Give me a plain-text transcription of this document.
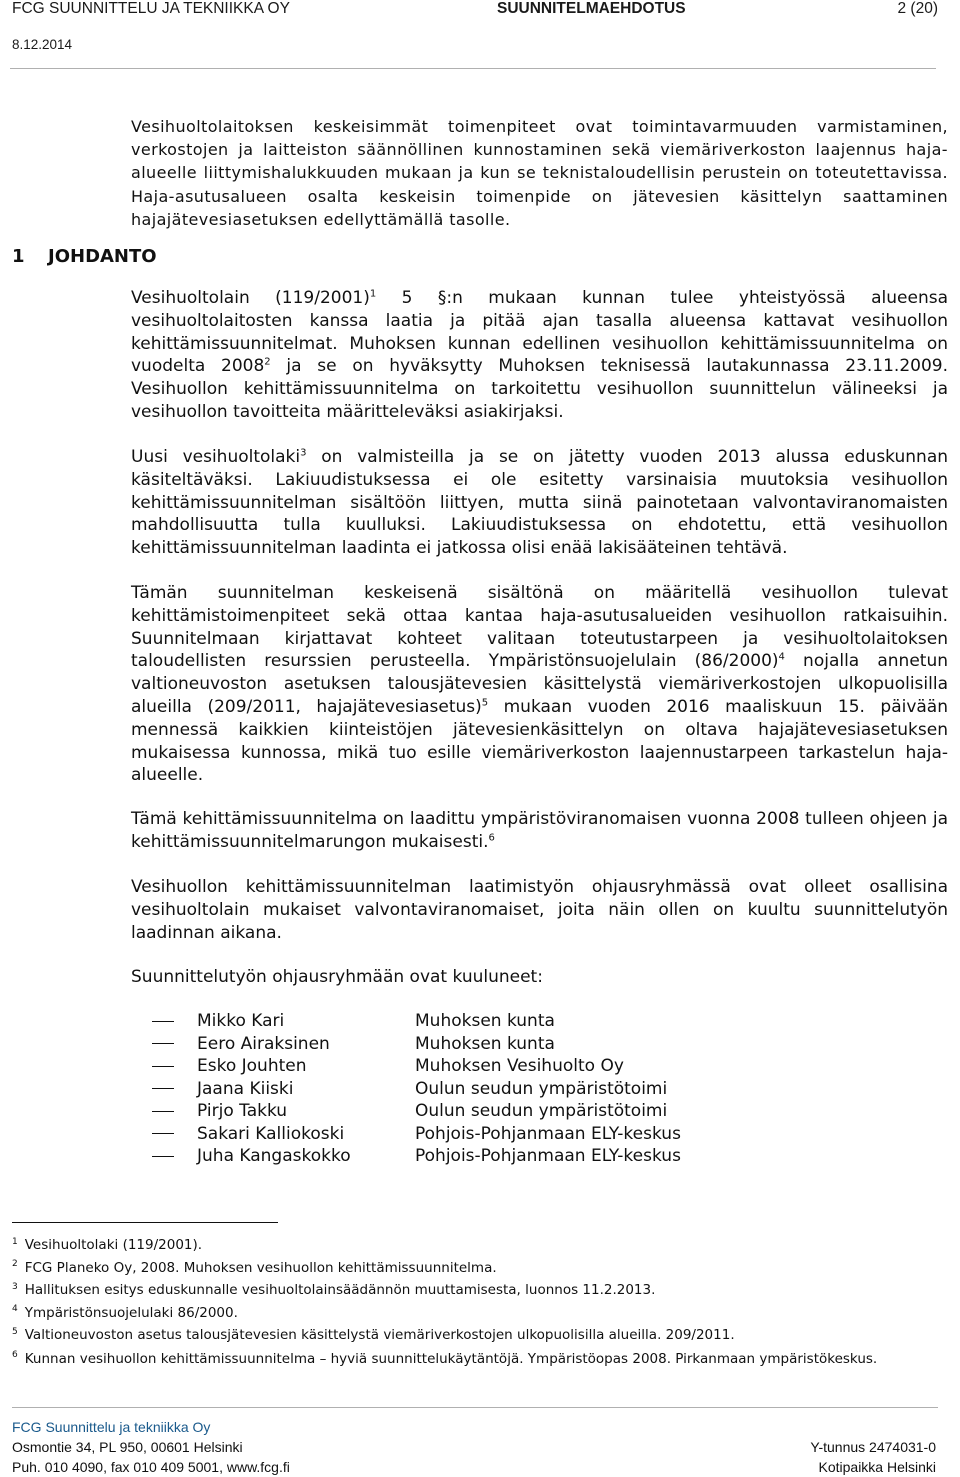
FCG SUUNNITTELU JA TEKNIIKKA OY	SUUNNITELMAEHDOTUS	2 (20)
8.12.2014
Vesihuoltolaitoksen keskeisimmät toimenpiteet ovat toimintavarmuuden varmistaminen, verkostojen ja laitteiston säännöllinen kunnostaminen sekä viemäriverkoston laajennus haja-alueelle liittymishalukkuuden mukaan ja kun se teknistaloudellisin perustein on toteutettavissa. Haja-asutusalueen osalta keskeisin toimenpide on jätevesien käsittelyn saattaminen hajajätevesiasetuksen edellyttämällä tasolle.
1 JOHDANTO
Vesihuoltolain $(119/2001)^1$ 5 §:n mukaan kunnan tulee yhteistyössä alueensa vesihuoltolaitosten kanssa laatia ja pitää ajan tasalla alueensa kattavat vesihuollon kehittämissuunnitelmat. Muhoksen kunnan edellinen vesihuollon kehittämissuunnitelma on vuodelta 2008$^2$ ja se on hyväksytty Muhoksen teknisessä lautakunnassa 23.11.2009. Vesihuollon kehittämissuunnitelma on tarkoitettu vesihuollon suunnittelun välineeksi ja vesihuollon tavoitteita määritteleväksi asiakirjaksi.
Uusi vesihuoltolaki$^3$ on valmisteilla ja se on jätetty vuoden 2013 alussa eduskunnan käsiteltäväksi. Lakiuudistuksessa ei ole esitetty varsinaisia muutoksia vesihuollon kehittämissuunnitelman sisältöön liittyen, mutta siinä painotetaan valvontaviranomaisten mahdollisuutta tulla kuulluksi. Lakiuudistuksessa on ehdotettu, että vesihuollon kehittämissuunnitelman laadinta ei jatkossa olisi enää lakisääteinen tehtävä.
Tämän suunnitelman keskeisenä sisältönä on määritellä vesihuollon tulevat kehittämistoimenpiteet sekä ottaa kantaa haja-asutusalueiden vesihuollon ratkaisuihin. Suunnitelmaan kirjattavat kohteet valitaan toteutustarpeen ja vesihuoltolaitoksen taloudellisten resurssien perusteella. Ympäristönsuojelulain $(86/2000)^4$ nojalla annetun valtioneuvoston asetuksen talousjätevesien käsittelystä viemäriverkostojen ulkopuolisilla alueilla (209/2011, hajajätevesiasetus)$^5$ mukaan vuoden 2016 maaliskuun 15. päivään mennessä kaikkien kiinteistöjen jätevesienkäsittelyn on oltava hajajätevesiasetuksen mukaisessa kunnossa, mikä tuo esille viemäriverkoston laajennustarpeen tarkastelun haja-alueelle.
Tämä kehittämissuunnitelma on laadittu ympäristöviranomaisen vuonna 2008 tulleen ohjeen ja kehittämissuunnitelmarungon mukaisesti.$^6$
Vesihuollon kehittämissuunnitelman laatimistyön ohjausryhmässä ovat olleet osallisina vesihuoltolain mukaiset valvontaviranomaiset, joita näin ollen on kuultu suunnittelutyön laadinnan aikana.
Suunnittelutyön ohjausryhmään ovat kuuluneet:
Mikko Kari	Muhoksen kunta
Eero Airaksinen	Muhoksen kunta
Esko Jouhten	Muhoksen Vesihuolto Oy
Jaana Kiiski	Oulun seudun ympäristötoimi
Pirjo Takku	Oulun seudun ympäristötoimi
Sakari Kalliokoski	Pohjois-Pohjanmaan ELY-keskus
Juha Kangaskokko	Pohjois-Pohjanmaan ELY-keskus
$^1$ Vesihuoltolaki (119/2001).
$^2$ FCG Planeko Oy, 2008. Muhoksen vesihuollon kehittämissuunnitelma.
$^3$ Hallituksen esitys eduskunnalle vesihuoltolainsäädännön muuttamisesta, luonnos 11.2.2013.
$^4$ Ympäristönsuojelulaki 86/2000.
$^5$ Valtioneuvoston asetus talousjätevesien käsittelystä viemäriverkostojen ulkopuolisilla alueilla. 209/2011.
$^6$ Kunnan vesihuollon kehittämissuunnitelma – hyviä suunnittelukäytäntöjä. Ympäristöopas 2008. Pirkanmaan ympäristökeskus.
FCG Suunnittelu ja tekniikka Oy
Osmontie 34, PL 950, 00601 Helsinki
Puh. 010 4090, fax 010 409 5001, www.fcg.fi
Y-tunnus 2474031-0
Kotipaikka Helsinki
